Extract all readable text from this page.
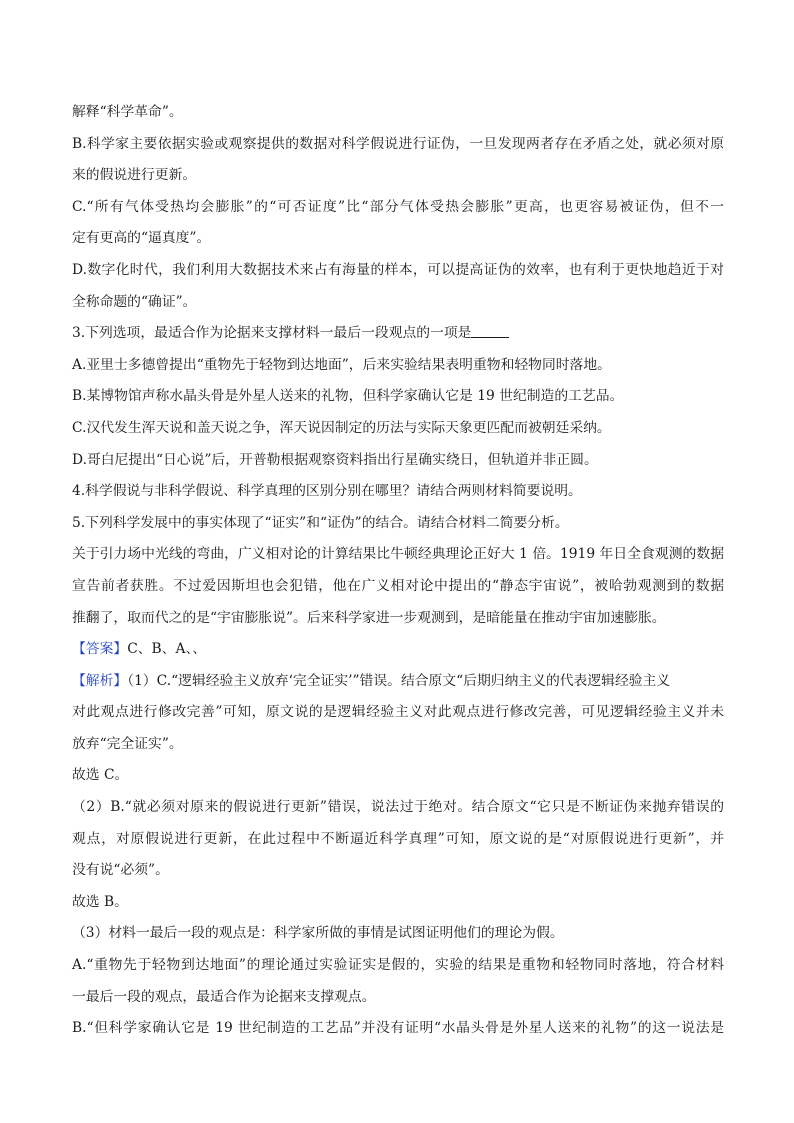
解释“科学革命”。
B.科学家主要依据实验或观察提供的数据对科学假说进行证伪，一旦发现两者存在矛盾之处，就必须对原
来的假说进行更新。
C.“所有气体受热均会膨胀”的“可否证度”比“部分气体受热会膨胀”更高，也更容易被证伪，但不一
定有更高的“逼真度”。
D.数字化时代，我们利用大数据技术来占有海量的样本，可以提高证伪的效率，也有利于更快地趋近于对
全称命题的“确证”。
3.下列选项，最适合作为论据来支撑材料一最后一段观点的一项是
A.亚里士多德曾提出“重物先于轻物到达地面”，后来实验结果表明重物和轻物同时落地。
B.某博物馆声称水晶头骨是外星人送来的礼物，但科学家确认它是 19 世纪制造的工艺品。
C.汉代发生浑天说和盖天说之争，浑天说因制定的历法与实际天象更匹配而被朝廷采纳。
D.哥白尼提出“日心说”后，开普勒根据观察资料指出行星确实绕日，但轨道并非正圆。
4.科学假说与非科学假说、科学真理的区别分别在哪里？请结合两则材料简要说明。
5.下列科学发展中的事实体现了“证实”和“证伪”的结合。请结合材料二简要分析。
关于引力场中光线的弯曲，广义相对论的计算结果比牛顿经典理论正好大 1 倍。1919 年日全食观测的数据
宣告前者获胜。不过爱因斯坦也会犯错，他在广义相对论中提出的“静态宇宙说”，被哈勃观测到的数据
推翻了，取而代之的是“宇宙膨胀说”。后来科学家进一步观测到，是暗能量在推动宇宙加速膨胀。
【答案】C、B、A、、
【解析】（1）C.“逻辑经验主义放弃‘完全证实’”错误。结合原文“后期归纳主义的代表逻辑经验主义
对此观点进行修改完善”可知，原文说的是逻辑经验主义对此观点进行修改完善，可见逻辑经验主义并未
放弃“完全证实”。
故选 C。
（2）B.“就必须对原来的假说进行更新”错误，说法过于绝对。结合原文“它只是不断证伪来抛弃错误的
观点，对原假说进行更新，在此过程中不断逼近科学真理”可知，原文说的是“对原假说进行更新”，并
没有说“必须”。
故选 B。
（3）材料一最后一段的观点是：科学家所做的事情是试图证明他们的理论为假。
A.“重物先于轻物到达地面”的理论通过实验证实是假的，实验的结果是重物和轻物同时落地，符合材料
一最后一段的观点，最适合作为论据来支撑观点。
B.“但科学家确认它是 19 世纪制造的工艺品”并没有证明“水晶头骨是外星人送来的礼物”的这一说法是
